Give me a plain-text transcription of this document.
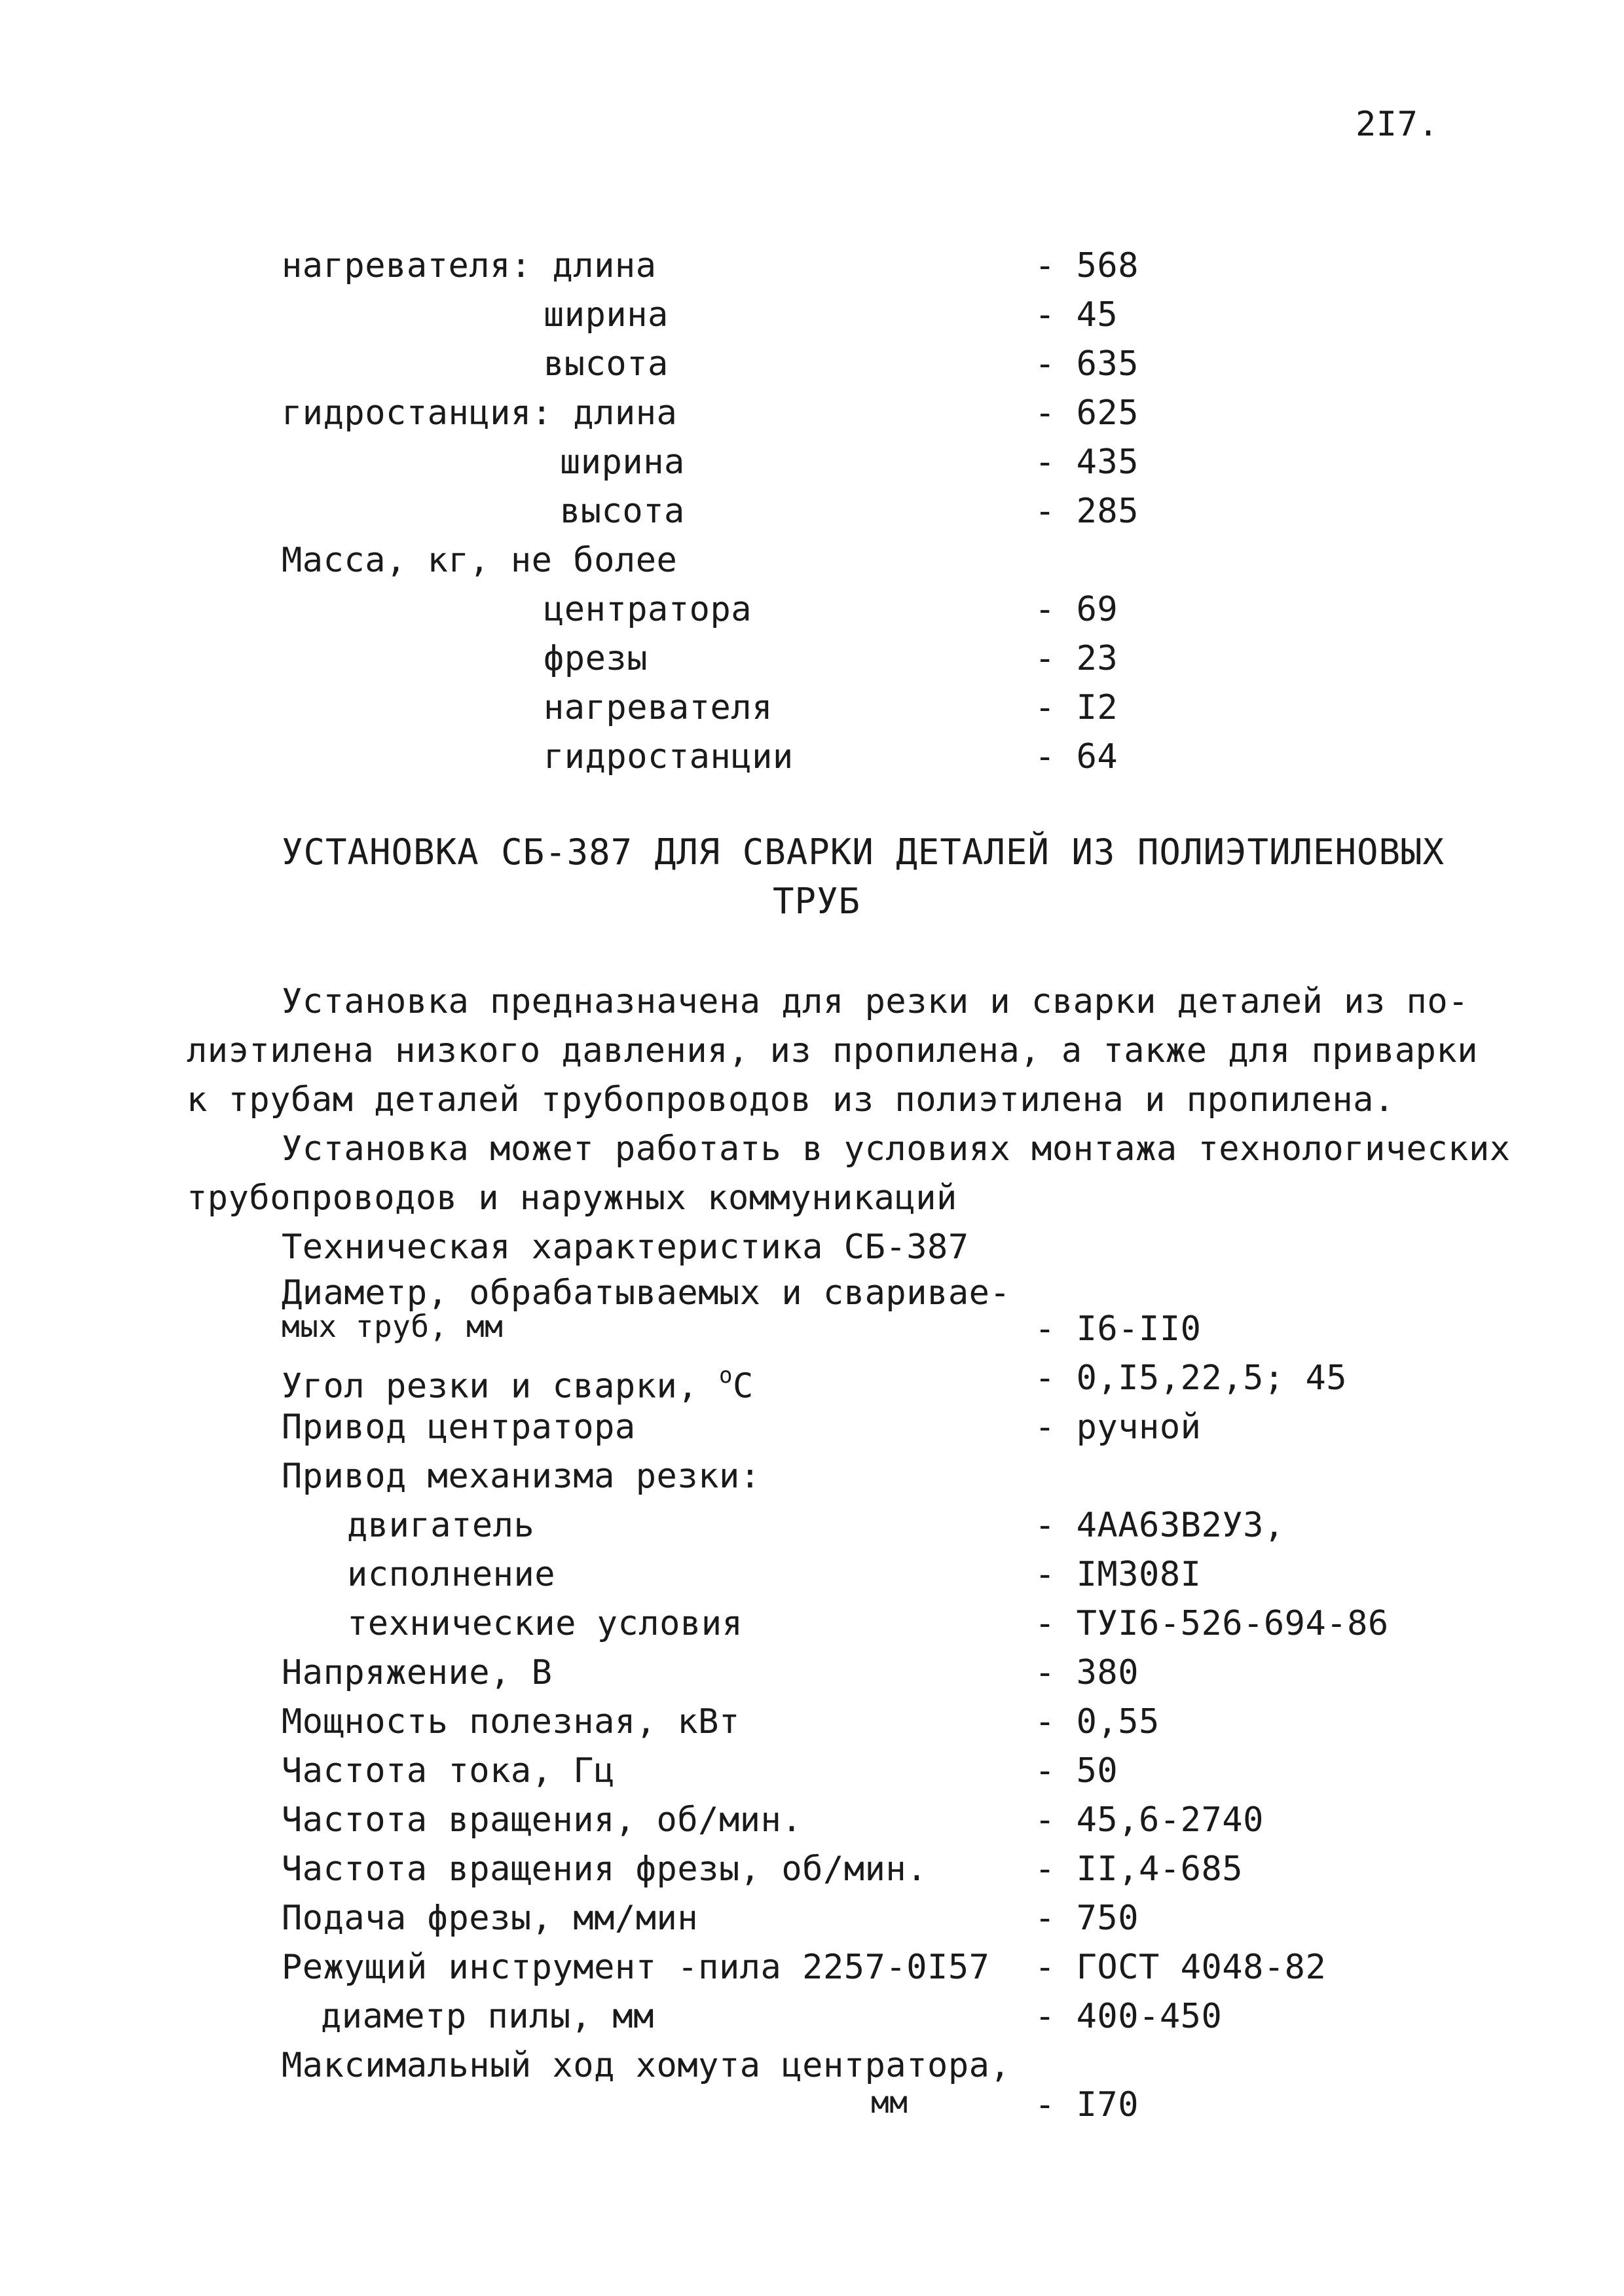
2I7.
нагревателя: длина	- 568
ширина	- 45
высота	- 635
гидростанция: длина	- 625
ширина	- 435
высота	- 285
Масса, кг, не более
центратора	- 69
фрезы	- 23
нагревателя	- I2
гидростанции	- 64
УСТАНОВКА СБ-387 ДЛЯ СВАРКИ ДЕТАЛЕЙ ИЗ ПОЛИЭТИЛЕНОВЫХ
ТРУБ
Установка предназначена для резки и сварки деталей из по-
лиэтилена низкого давления, из пропилена, а также для приварки
к трубам деталей трубопроводов из полиэтилена и пропилена.
Установка может работать в условиях монтажа технологических
трубопроводов и наружных коммуникаций
Техническая характеристика СБ-387
Диаметр, обрабатываемых и сваривае-
мых труб, мм	- I6-II0
Угол резки и сварки, $^о$С	- 0,I5,22,5; 45
Привод центратора	- ручной
Привод механизма резки:
двигатель	- 4АА63В2У3,
исполнение	- IМ308I
технические условия	- ТУI6-526-694-86
Напряжение, В	- 380
Мощность полезная, кВт	- 0,55
Частота тока, Гц	- 50
Частота вращения, об/мин.	- 45,6-2740
Частота вращения фрезы, об/мин.	- II,4-685
Подача фрезы, мм/мин	- 750
Режущий инструмент -пила 2257-0I57 - ГОСТ 4048-82
диаметр пилы, мм	- 400-450
Максимальный ход хомута центратора,
мм	- I70
